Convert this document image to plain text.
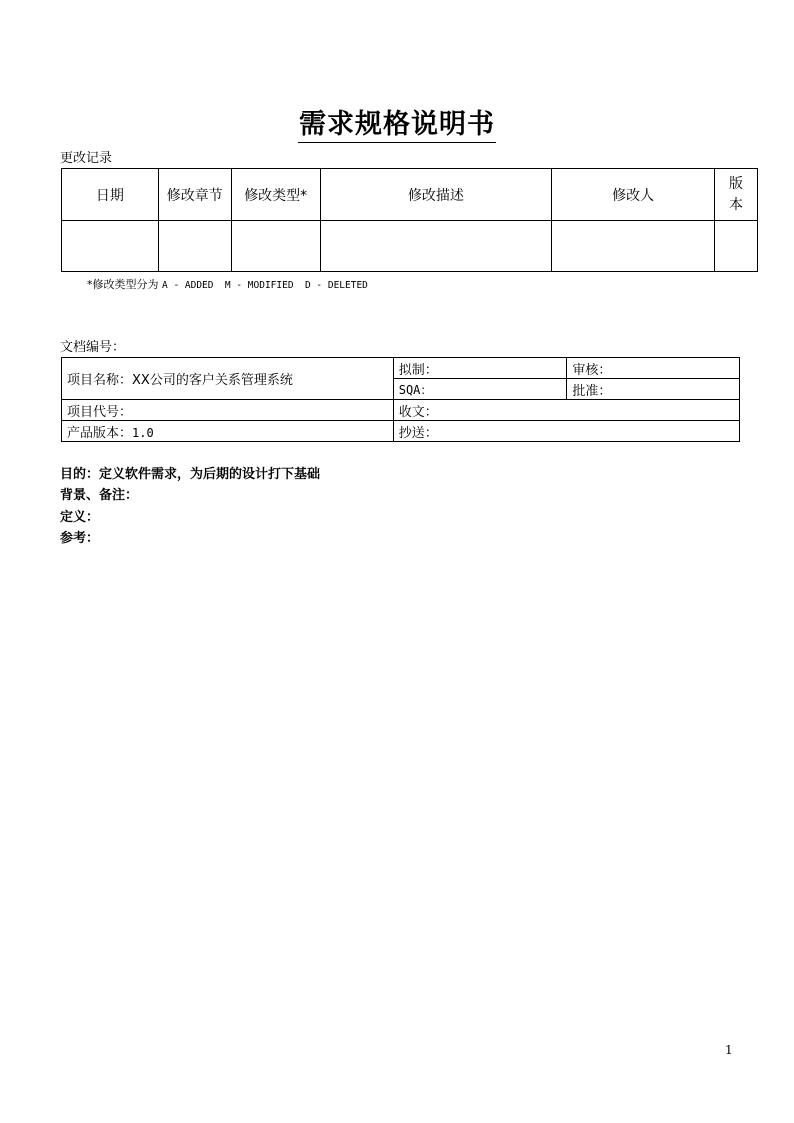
需求规格说明书
更改记录
日期	修改章节	修改类型*	修改描述	修改人	版
本

*修改类型分为 A - ADDED  M - MODIFIED  D - DELETED
文档编号：
项目名称：XX公司的客户关系管理系统	拟制：	审核：
	SQA：	批准：
项目代号：	收文：	
产品版本：1.0	抄送：	
目的：定义软件需求，为后期的设计打下基础
背景、备注：
定义：
参考：
1
